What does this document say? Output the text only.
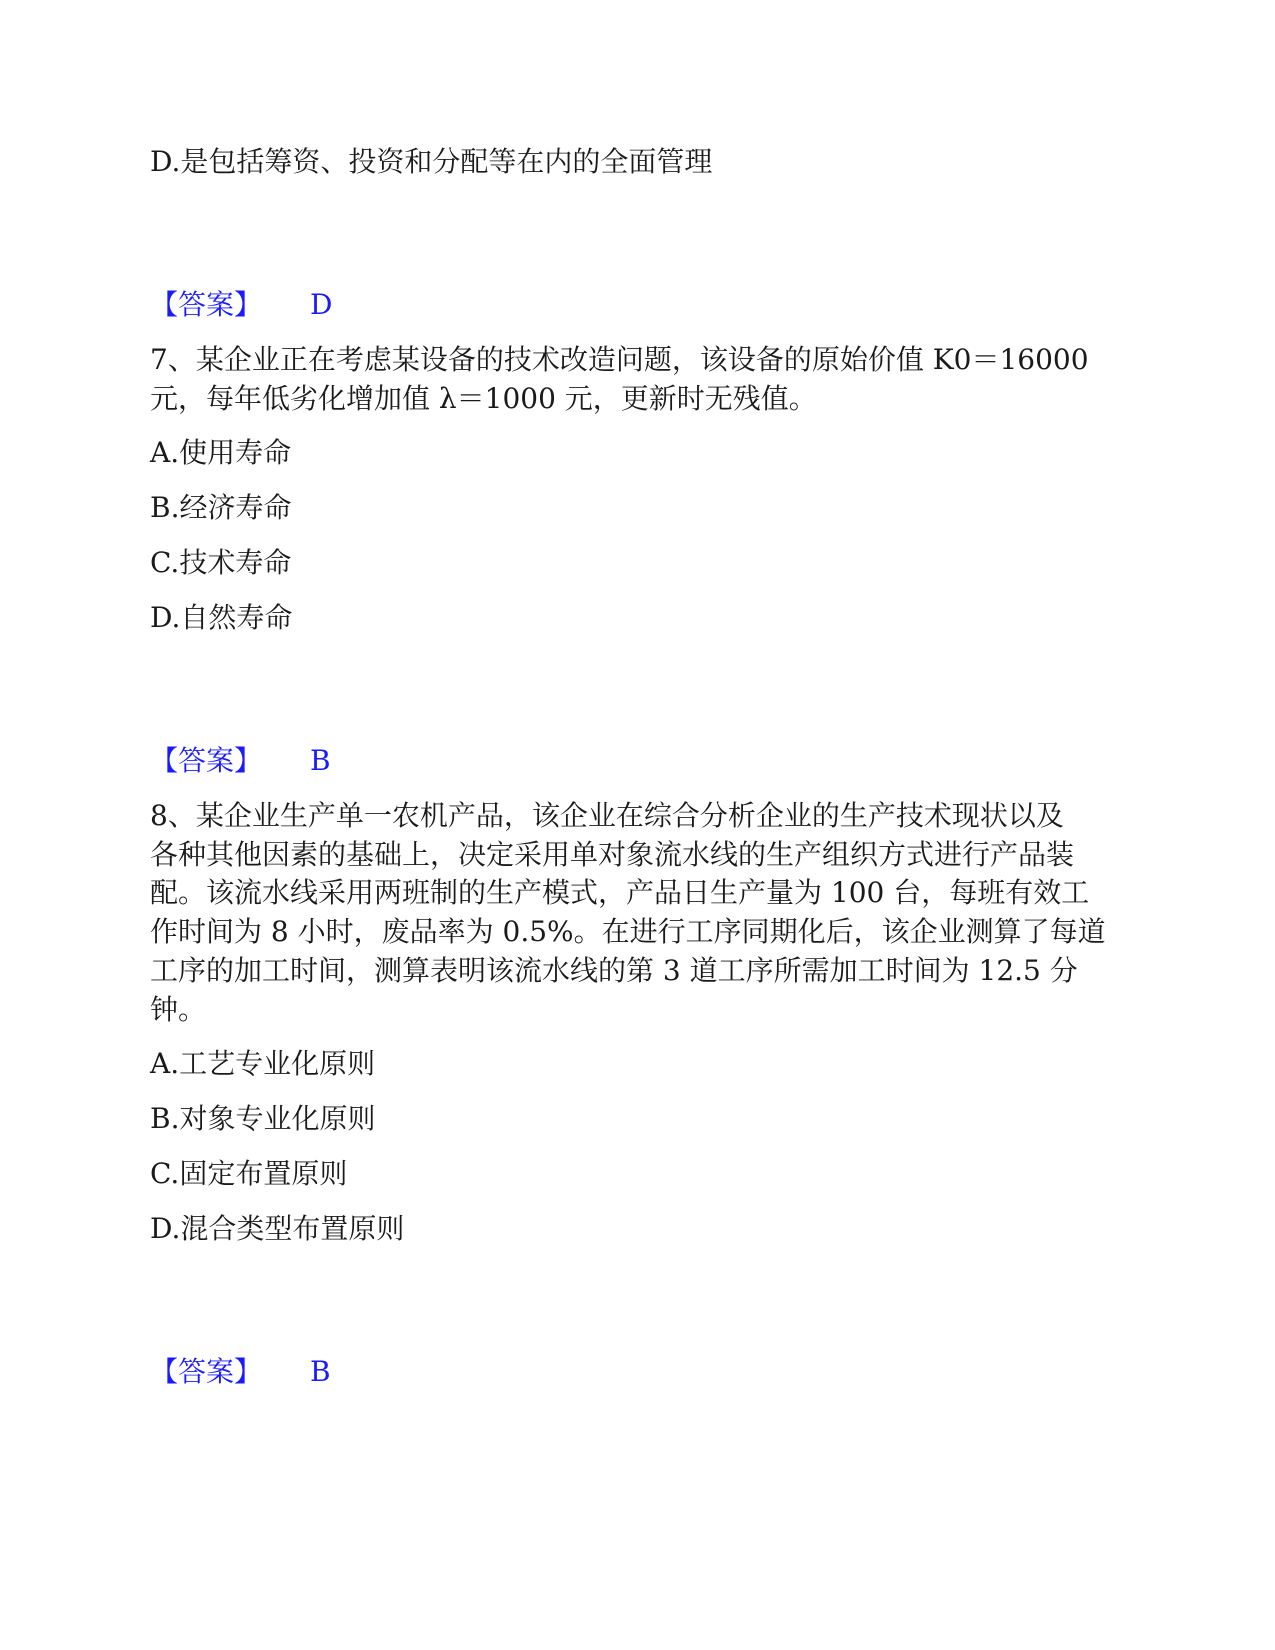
D.是包括筹资、投资和分配等在内的全面管理
【答案】 D
7、某企业正在考虑某设备的技术改造问题，该设备的原始价值 K0＝16000
元，每年低劣化增加值 λ＝1000 元，更新时无残值。
A.使用寿命
B.经济寿命
C.技术寿命
D.自然寿命
【答案】 B
8、某企业生产单一农机产品，该企业在综合分析企业的生产技术现状以及
各种其他因素的基础上，决定采用单对象流水线的生产组织方式进行产品装
配。该流水线采用两班制的生产模式，产品日生产量为 100 台，每班有效工
作时间为 8 小时，废品率为 0.5%。在进行工序同期化后，该企业测算了每道
工序的加工时间，测算表明该流水线的第 3 道工序所需加工时间为 12.5 分
钟。
A.工艺专业化原则
B.对象专业化原则
C.固定布置原则
D.混合类型布置原则
【答案】 B
